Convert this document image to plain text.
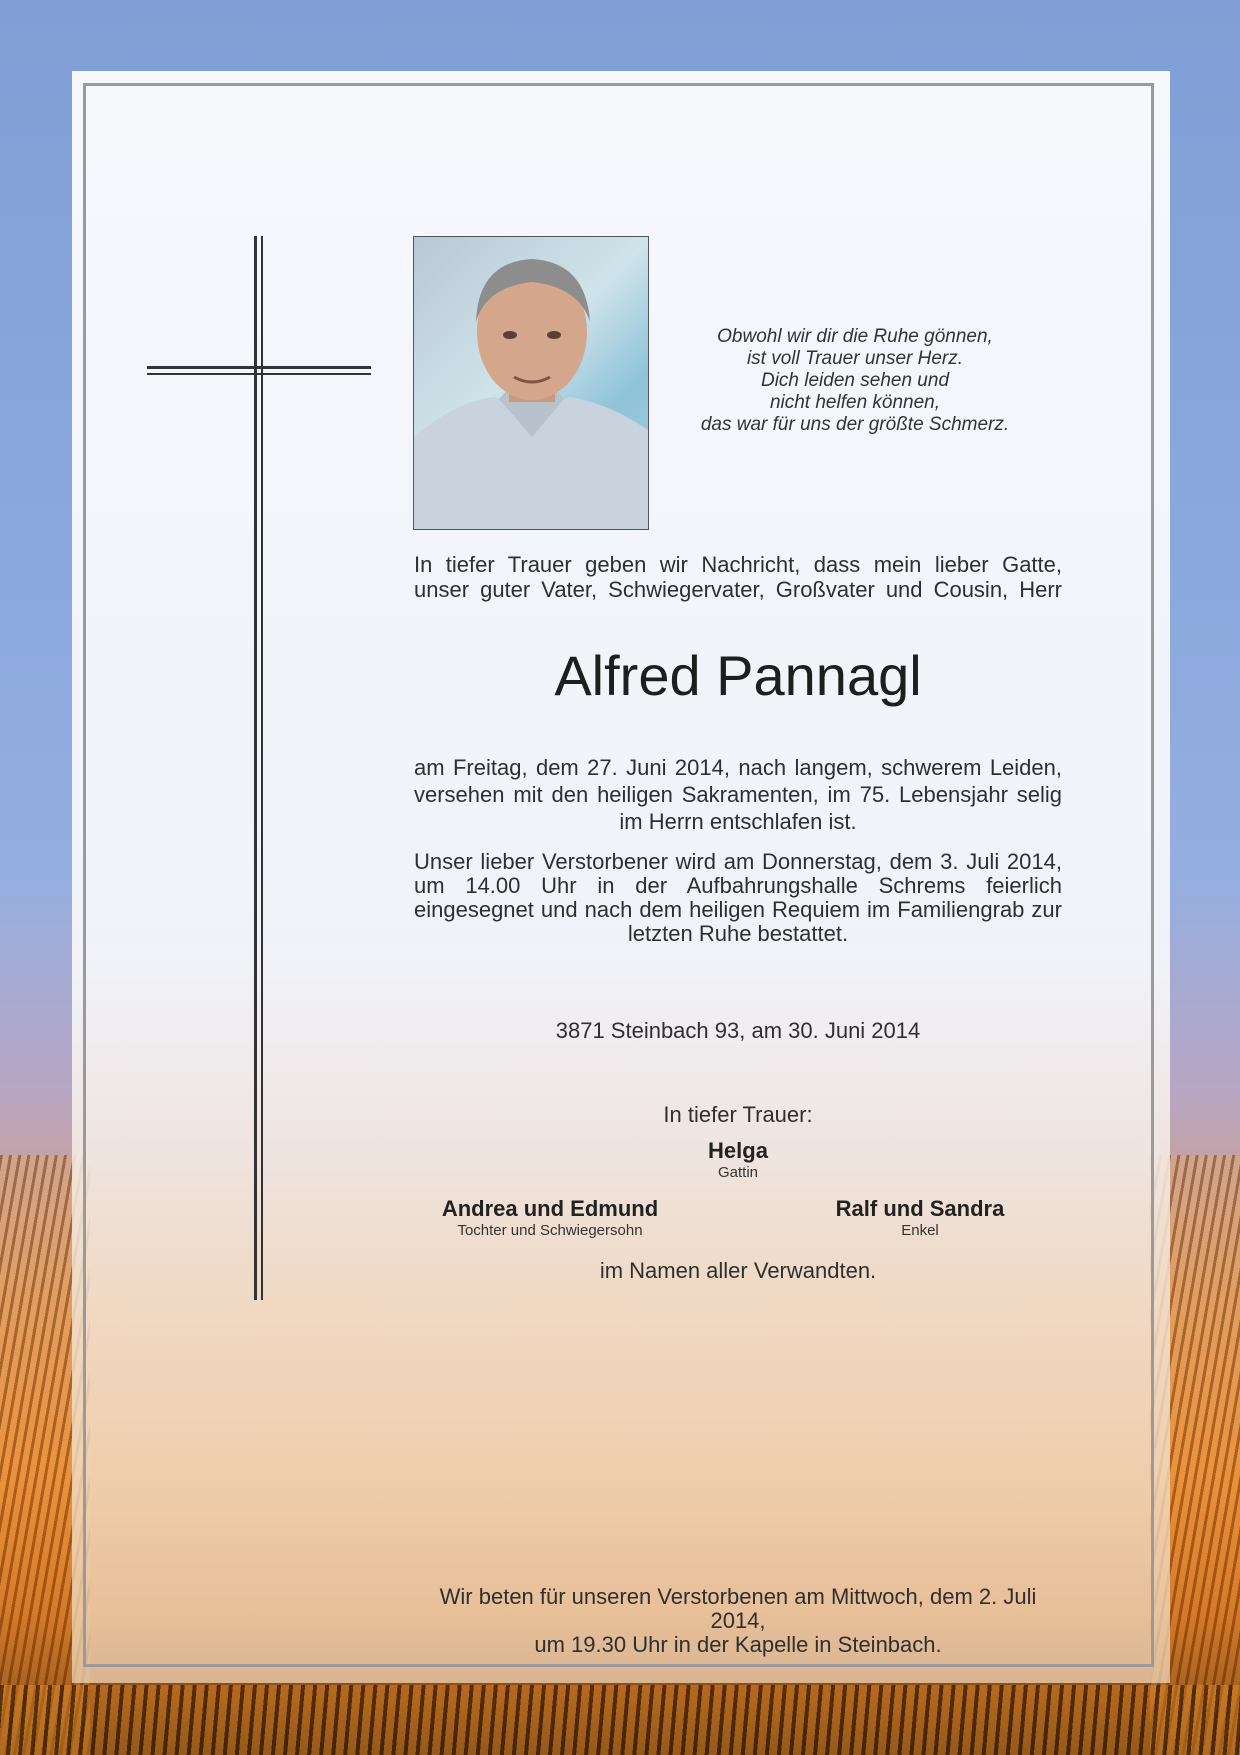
Obwohl wir dir die Ruhe gönnen,
ist voll Trauer unser Herz.
Dich leiden sehen und
nicht helfen können,
das war für uns der größte Schmerz.
In tiefer Trauer geben wir Nachricht, dass mein lieber Gatte,
unser guter Vater, Schwiegervater, Großvater und Cousin, Herr
Alfred Pannagl
am Freitag, dem 27. Juni 2014, nach langem, schwerem Leiden, versehen mit den heiligen Sakramenten, im 75. Lebensjahr selig im Herrn entschlafen ist.
Unser lieber Verstorbener wird am Donnerstag, dem 3. Juli 2014, um 14.00 Uhr in der Aufbahrungshalle Schrems feierlich eingesegnet und nach dem heiligen Requiem im Familiengrab zur letzten Ruhe bestattet.
3871 Steinbach 93, am 30. Juni 2014
In tiefer Trauer:
Helga
Gattin
Andrea und Edmund
Tochter und Schwiegersohn
Ralf und Sandra
Enkel
im Namen aller Verwandten.
Wir beten für unseren Verstorbenen am Mittwoch, dem 2. Juli 2014,
um 19.30 Uhr in der Kapelle in Steinbach.
